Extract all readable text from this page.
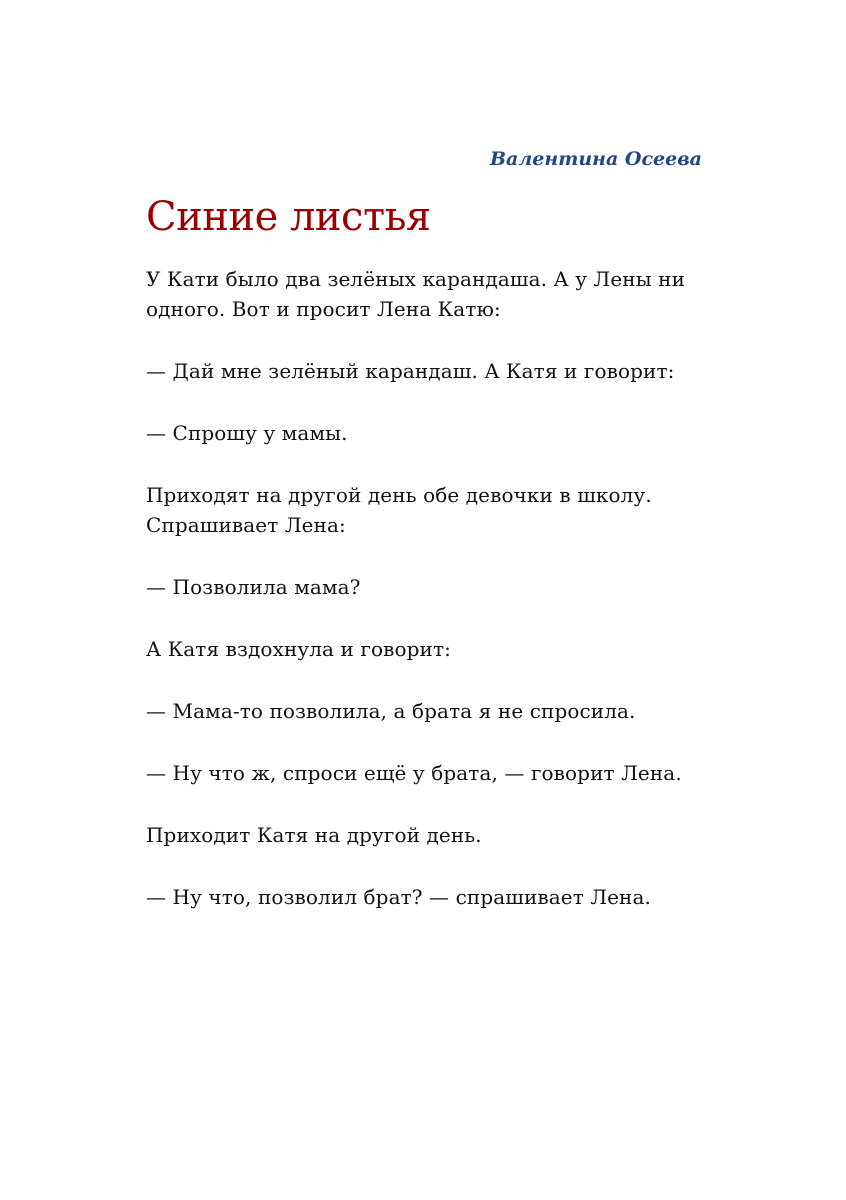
Валентина Осеева

Синие листья

У Кати было два зелёных карандаша. А у Лены ни одного. Вот и просит Лена Катю:

— Дай мне зелёный карандаш. А Катя и говорит:

— Спрошу у мамы.

Приходят на другой день обе девочки в школу. Спрашивает Лена:

— Позволила мама?

А Катя вздохнула и говорит:

— Мама-то позволила, а брата я не спросила.

— Ну что ж, спроси ещё у брата, — говорит Лена.

Приходит Катя на другой день.

— Ну что, позволил брат? — спрашивает Лена.
